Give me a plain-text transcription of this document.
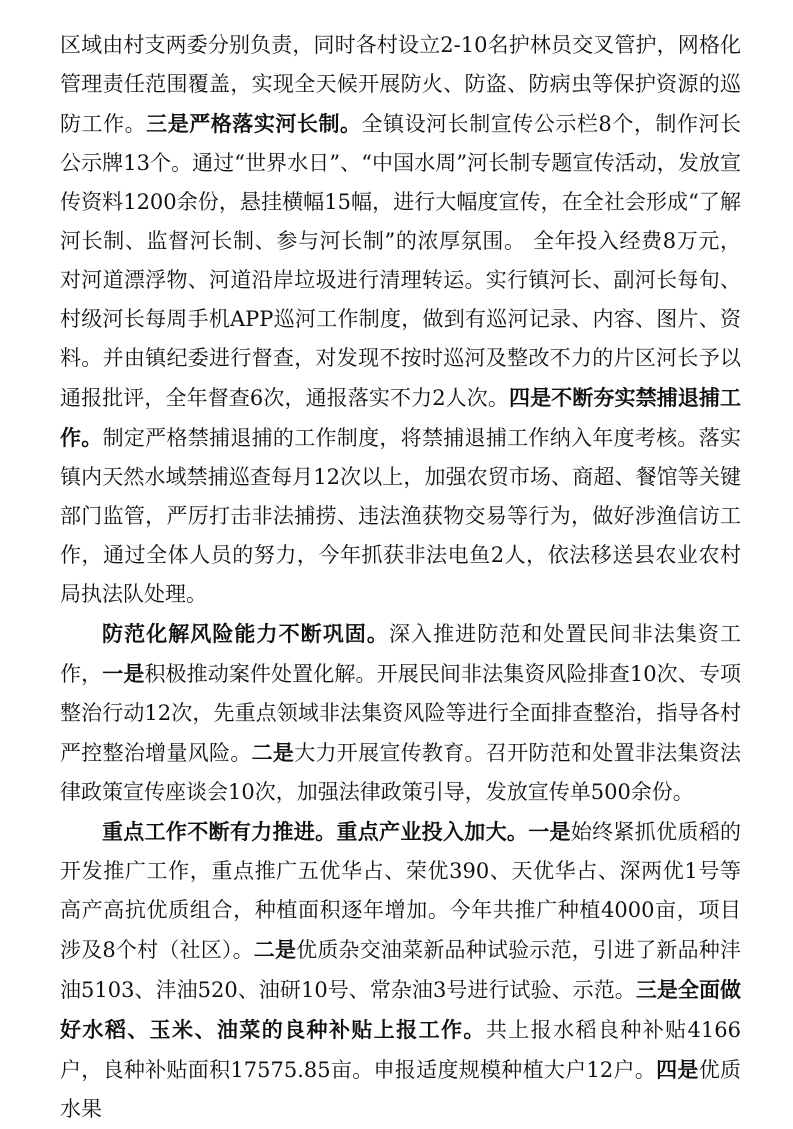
区域由村支两委分别负责，同时各村设立2-10名护林员交叉管护，网格化管理责任范围覆盖，实现全天候开展防火、防盗、防病虫等保护资源的巡防工作。三是严格落实河长制。全镇设河长制宣传公示栏8个，制作河长公示牌13个。通过“世界水日”、“中国水周”河长制专题宣传活动，发放宣传资料1200余份，悬挂横幅15幅，进行大幅度宣传，在全社会形成“了解河长制、监督河长制、参与河长制”的浓厚氛围。 全年投入经费8万元，对河道漂浮物、河道沿岸垃圾进行清理转运。实行镇河长、副河长每旬、村级河长每周手机APP巡河工作制度，做到有巡河记录、内容、图片、资料。并由镇纪委进行督查，对发现不按时巡河及整改不力的片区河长予以通报批评，全年督查6次，通报落实不力2人次。四是不断夯实禁捕退捕工作。制定严格禁捕退捕的工作制度，将禁捕退捕工作纳入年度考核。落实镇内天然水域禁捕巡查每月12次以上，加强农贸市场、商超、餐馆等关键部门监管，严厉打击非法捕捞、违法渔获物交易等行为，做好涉渔信访工作，通过全体人员的努力，今年抓获非法电鱼2人，依法移送县农业农村局执法队处理。

防范化解风险能力不断巩固。深入推进防范和处置民间非法集资工作，一是积极推动案件处置化解。开展民间非法集资风险排查10次、专项整治行动12次，先重点领域非法集资风险等进行全面排查整治，指导各村严控整治增量风险。二是大力开展宣传教育。召开防范和处置非法集资法律政策宣传座谈会10次，加强法律政策引导，发放宣传单500余份。

重点工作不断有力推进。重点产业投入加大。一是始终紧抓优质稻的开发推广工作，重点推广五优华占、荣优390、天优华占、深两优1号等高产高抗优质组合，种植面积逐年增加。今年共推广种植4000亩，项目涉及8个村（社区）。二是优质杂交油菜新品种试验示范，引进了新品种沣油5103、沣油520、油研10号、常杂油3号进行试验、示范。三是全面做好水稻、玉米、油菜的良种补贴上报工作。共上报水稻良种补贴4166户，良种补贴面积17575.85亩。申报适度规模种植大户12户。四是优质水果
